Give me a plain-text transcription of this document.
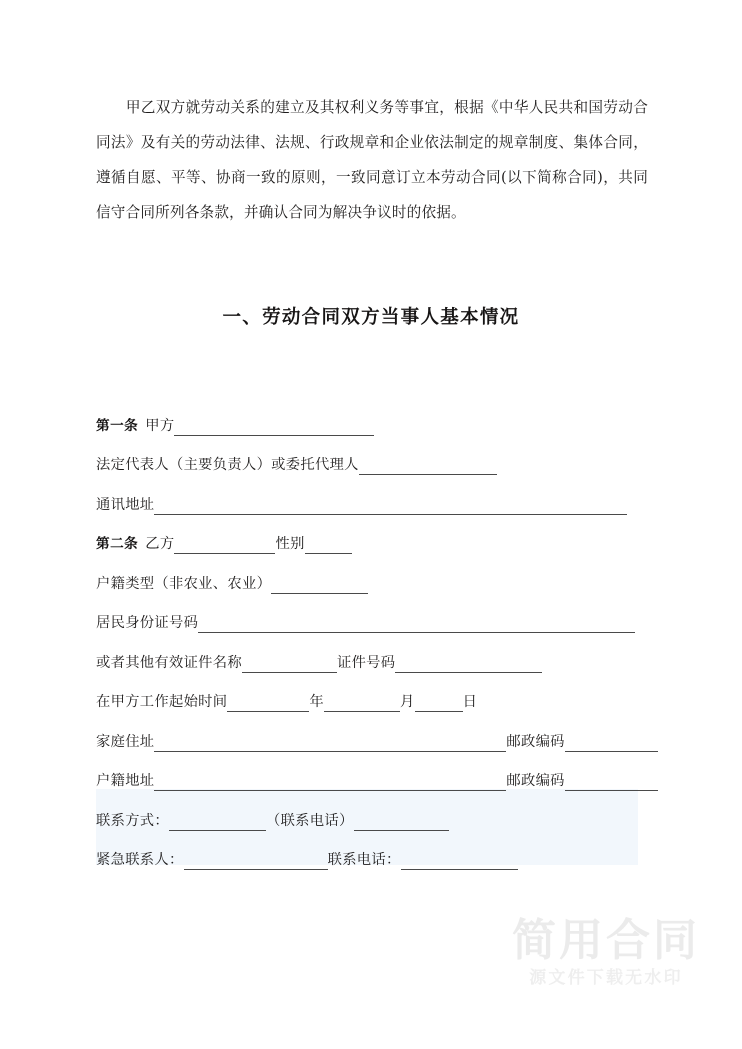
甲乙双方就劳动关系的建立及其权利义务等事宜，根据《中华人民共和国劳动合同法》及有关的劳动法律、法规、行政规章和企业依法制定的规章制度、集体合同，遵循自愿、平等、协商一致的原则，一致同意订立本劳动合同(以下简称合同)，共同信守合同所列各条款，并确认合同为解决争议时的依据。

一、劳动合同双方当事人基本情况
第一条 甲方
法定代表人（主要负责人）或委托代理人
通讯地址
第二条 乙方	性别
户籍类型（非农业、农业）
居民身份证号码
或者其他有效证件名称	证件号码
在甲方工作起始时间	年	月	日
家庭住址	邮政编码
户籍地址	邮政编码
联系方式：	（联系电话）
紧急联系人：	联系电话：
简用合同
源文件下载无水印
